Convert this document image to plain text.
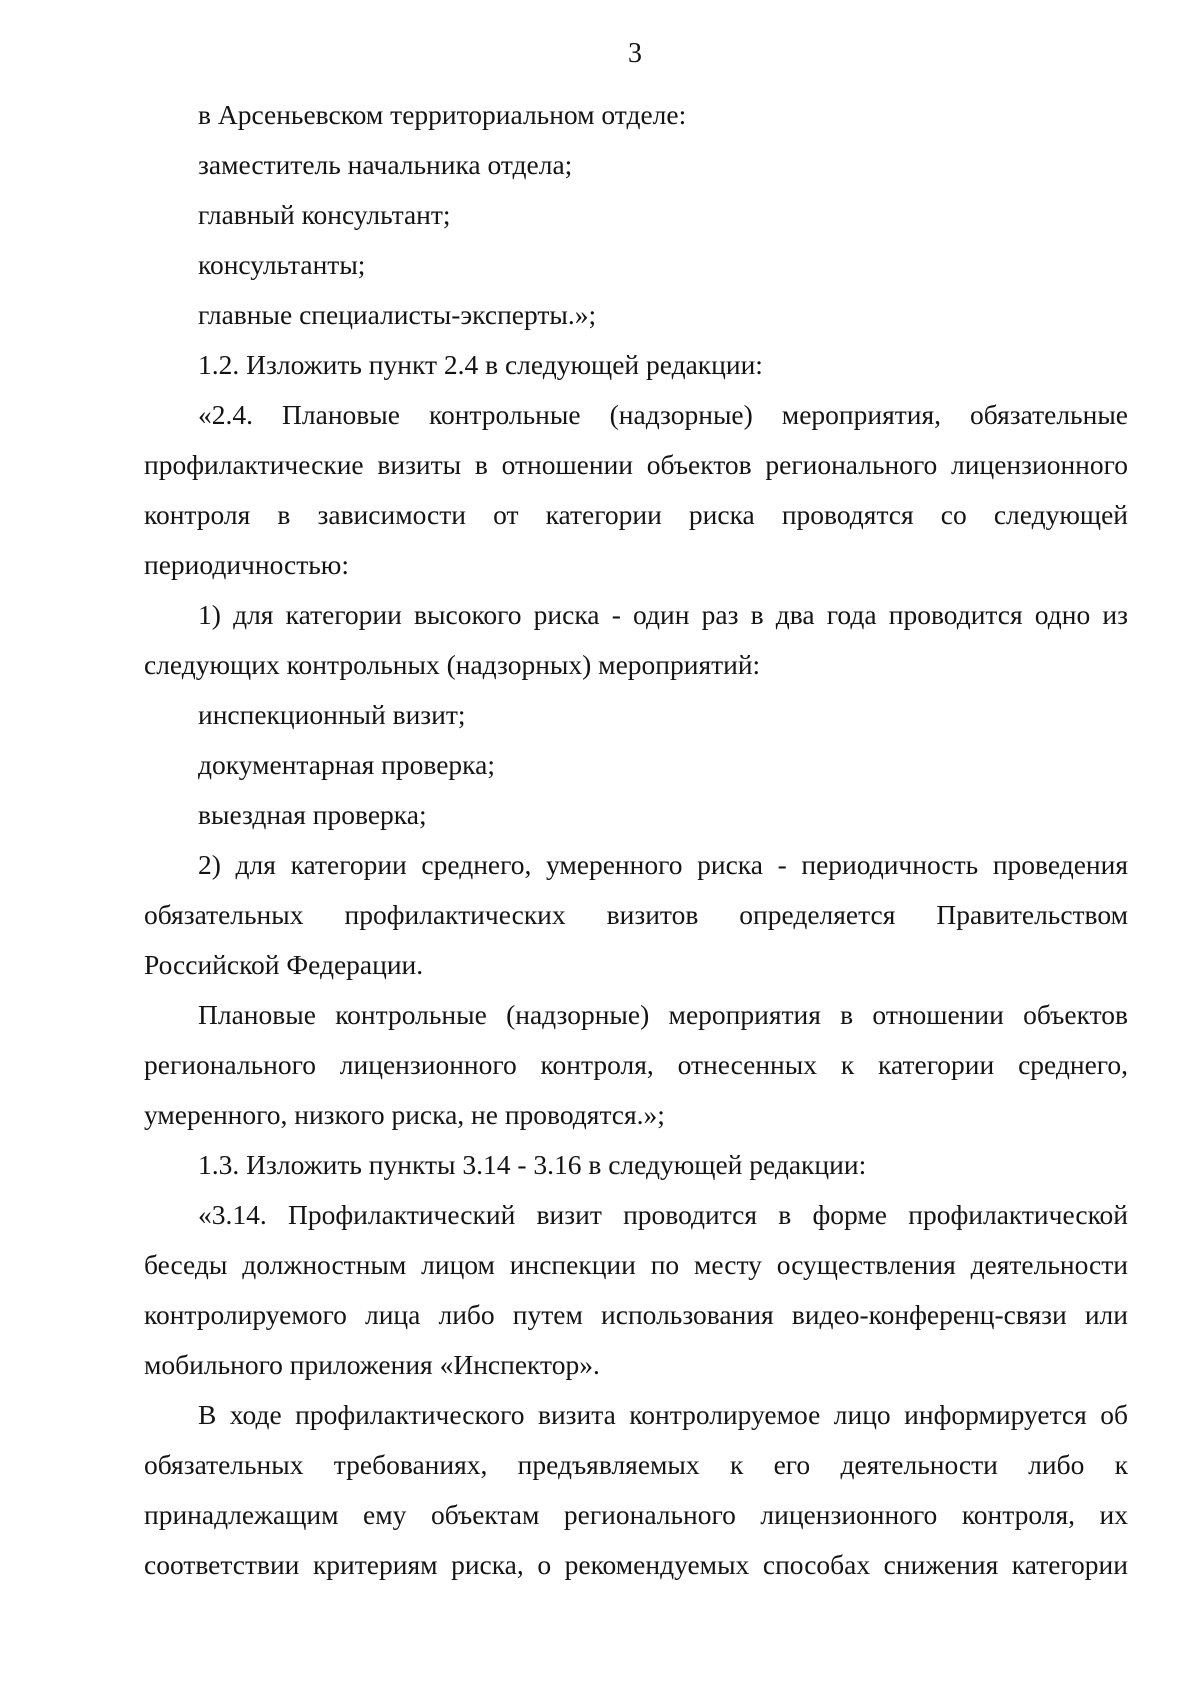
3
в Арсеньевском территориальном отделе:
заместитель начальника отдела;
главный консультант;
консультанты;
главные специалисты-эксперты.»;
1.2. Изложить пункт 2.4 в следующей редакции:
«2.4. Плановые контрольные (надзорные) мероприятия, обязательные
профилактические визиты в отношении объектов регионального лицензионного
контроля в зависимости от категории риска проводятся со следующей
периодичностью:
1) для категории высокого риска - один раз в два года проводится одно из
следующих контрольных (надзорных) мероприятий:
инспекционный визит;
документарная проверка;
выездная проверка;
2) для категории среднего, умеренного риска - периодичность проведения
обязательных профилактических визитов определяется Правительством
Российской Федерации.
Плановые контрольные (надзорные) мероприятия в отношении объектов
регионального лицензионного контроля, отнесенных к категории среднего,
умеренного, низкого риска, не проводятся.»;
1.3. Изложить пункты 3.14 - 3.16 в следующей редакции:
«3.14. Профилактический визит проводится в форме профилактической
беседы должностным лицом инспекции по месту осуществления деятельности
контролируемого лица либо путем использования видео-конференц-связи или
мобильного приложения «Инспектор».
В ходе профилактического визита контролируемое лицо информируется об
обязательных требованиях, предъявляемых к его деятельности либо к
принадлежащим ему объектам регионального лицензионного контроля, их
соответствии критериям риска, о рекомендуемых способах снижения категории
